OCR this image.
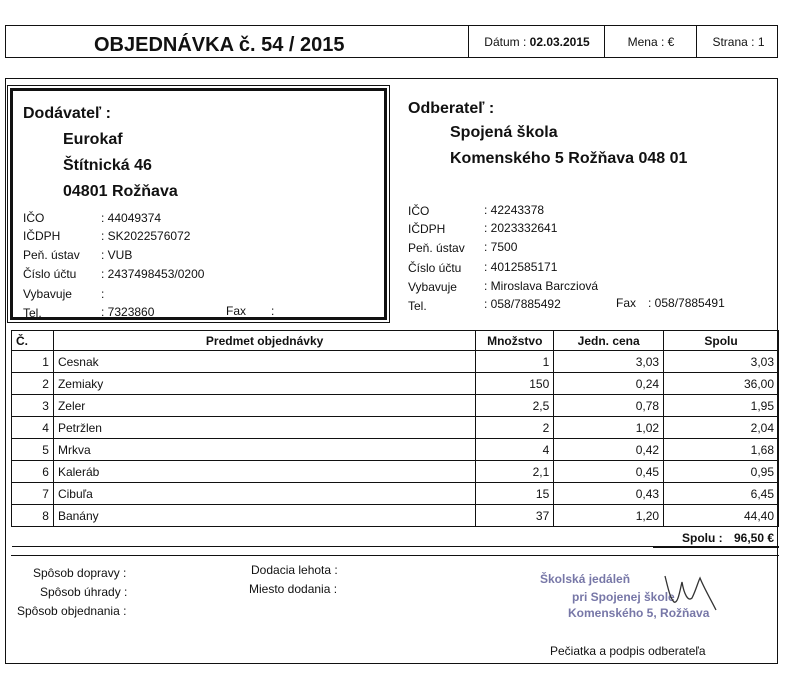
OBJEDNÁVKA č. 54 / 2015	Dátum :
02.03.2015	Mena :
€	Strana :
1
Dodávateľ :
Eurokaf
Štítnická 46
04801 Rožňava
IČO	: 44049374
IČDPH	: SK2022576072
Peň. ústav : VUB
Číslo účtu : 2437498453/0200
Vybavuje :
Tel.	: 7323860	Fax :
Odberateľ :
Spojená škola
Komenského 5 Rožňava 048 01
IČO	: 42243378
IČDPH	: 2023332641
Peň. ústav : 7500
Číslo účtu : 4012585171
Vybavuje : Miroslava Barcziová
Tel.	: 058/7885492	Fax : 058/7885491
Č.	Predmet objednávky	Množstvo	Jedn. cena	Spolu
1	Cesnak	1	3,03	3,03
2	Zemiaky	150	0,24	36,00
3	Zeler	2,5	0,78	1,95
4	Petržlen	2	1,02	2,04
5	Mrkva	4	0,42	1,68
6	Kaleráb	2,1	0,45	0,95
7	Cibuľa	15	0,43	6,45
8	Banány	37	1,20	44,40

Spolu : 96,50 €
Spôsob dopravy :
Spôsob úhrady :
Spôsob objednania :
Dodacia lehota :
Miesto dodania :
Školská jedáleň
pri Spojenej škole
Komenského 5, Rožňava
Pečiatka a podpis odberateľa
